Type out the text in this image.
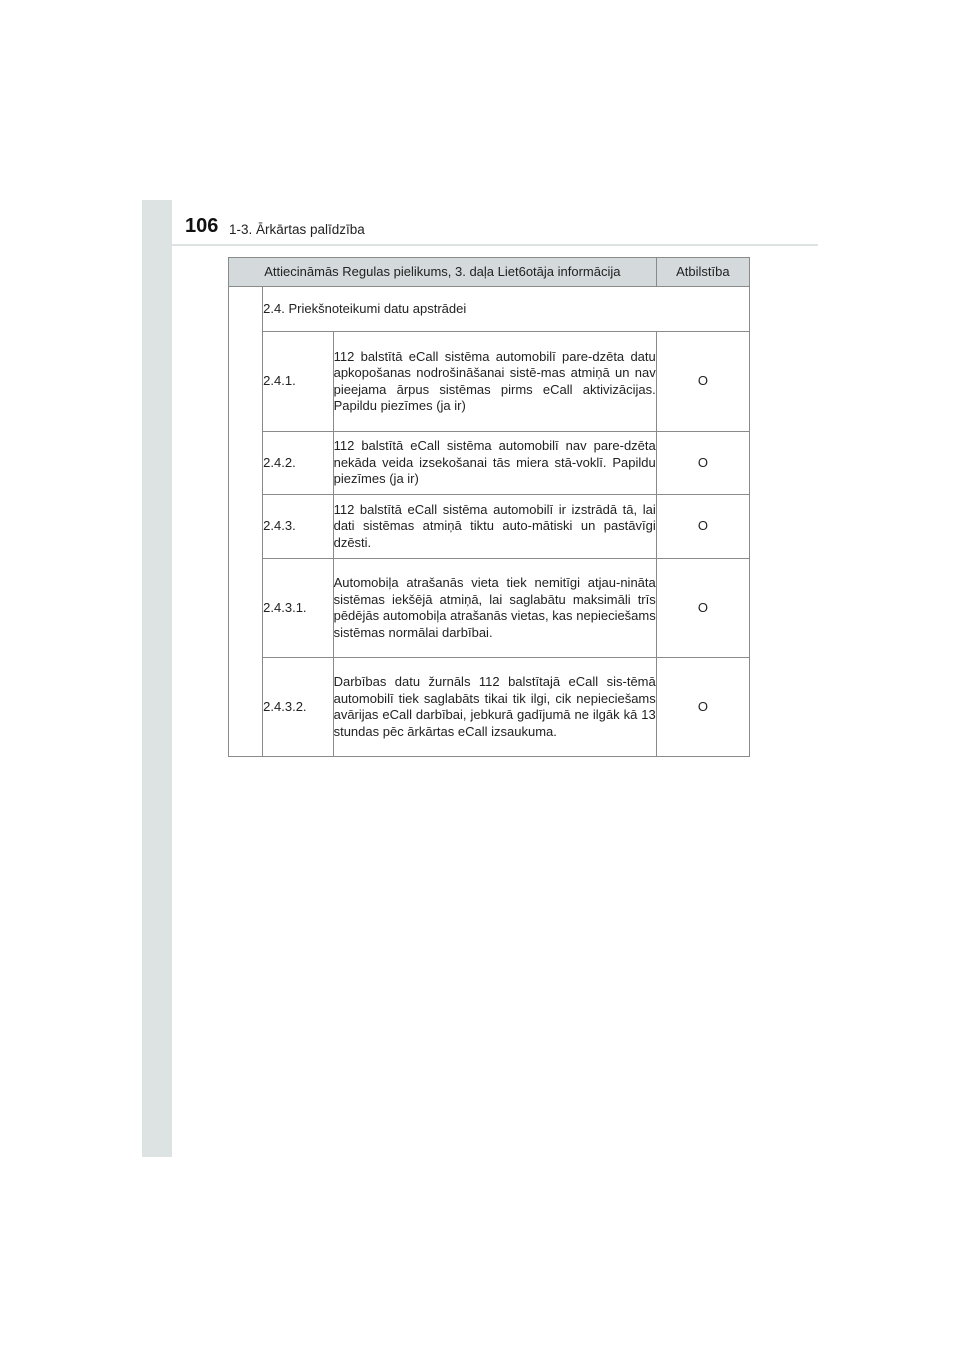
106 1-3. Ārkārtas palīdzība
Attiecināmās Regulas pielikums, 3. daļa Liet6otāja informācija			Atbilstība
	2.4. Priekšnoteikumi datu apstrādei		
	2.4.1.	112 balstītā eCall sistēma automobilī pare-dzēta datu apkopošanas nodrošināšanai sistē-mas atmiņā un nav pieejama ārpus sistēmas pirms eCall aktivizācijas. Papildu piezīmes (ja ir)	O
	2.4.2.	112 balstītā eCall sistēma automobilī nav pare-dzēta nekāda veida izsekošanai tās miera stā-voklī. Papildu piezīmes (ja ir)	O
	2.4.3.	112 balstītā eCall sistēma automobilī ir izstrādā tā, lai dati sistēmas atmiņā tiktu auto-mātiski un pastāvīgi dzēsti.	O
	2.4.3.1.	Automobiļa atrašanās vieta tiek nemitīgi atjau-nināta sistēmas iekšējā atmiņā, lai saglabātu maksimāli trīs pēdējās automobiļa atrašanās vietas, kas nepieciešams sistēmas normālai darbībai.	O
	2.4.3.2.	Darbības datu žurnāls 112 balstītajā eCall sis-tēmā automobilī tiek saglabāts tikai tik ilgi, cik nepieciešams avārijas eCall darbībai, jebkurā gadījumā ne ilgāk kā 13 stundas pēc ārkārtas eCall izsaukuma.	O
